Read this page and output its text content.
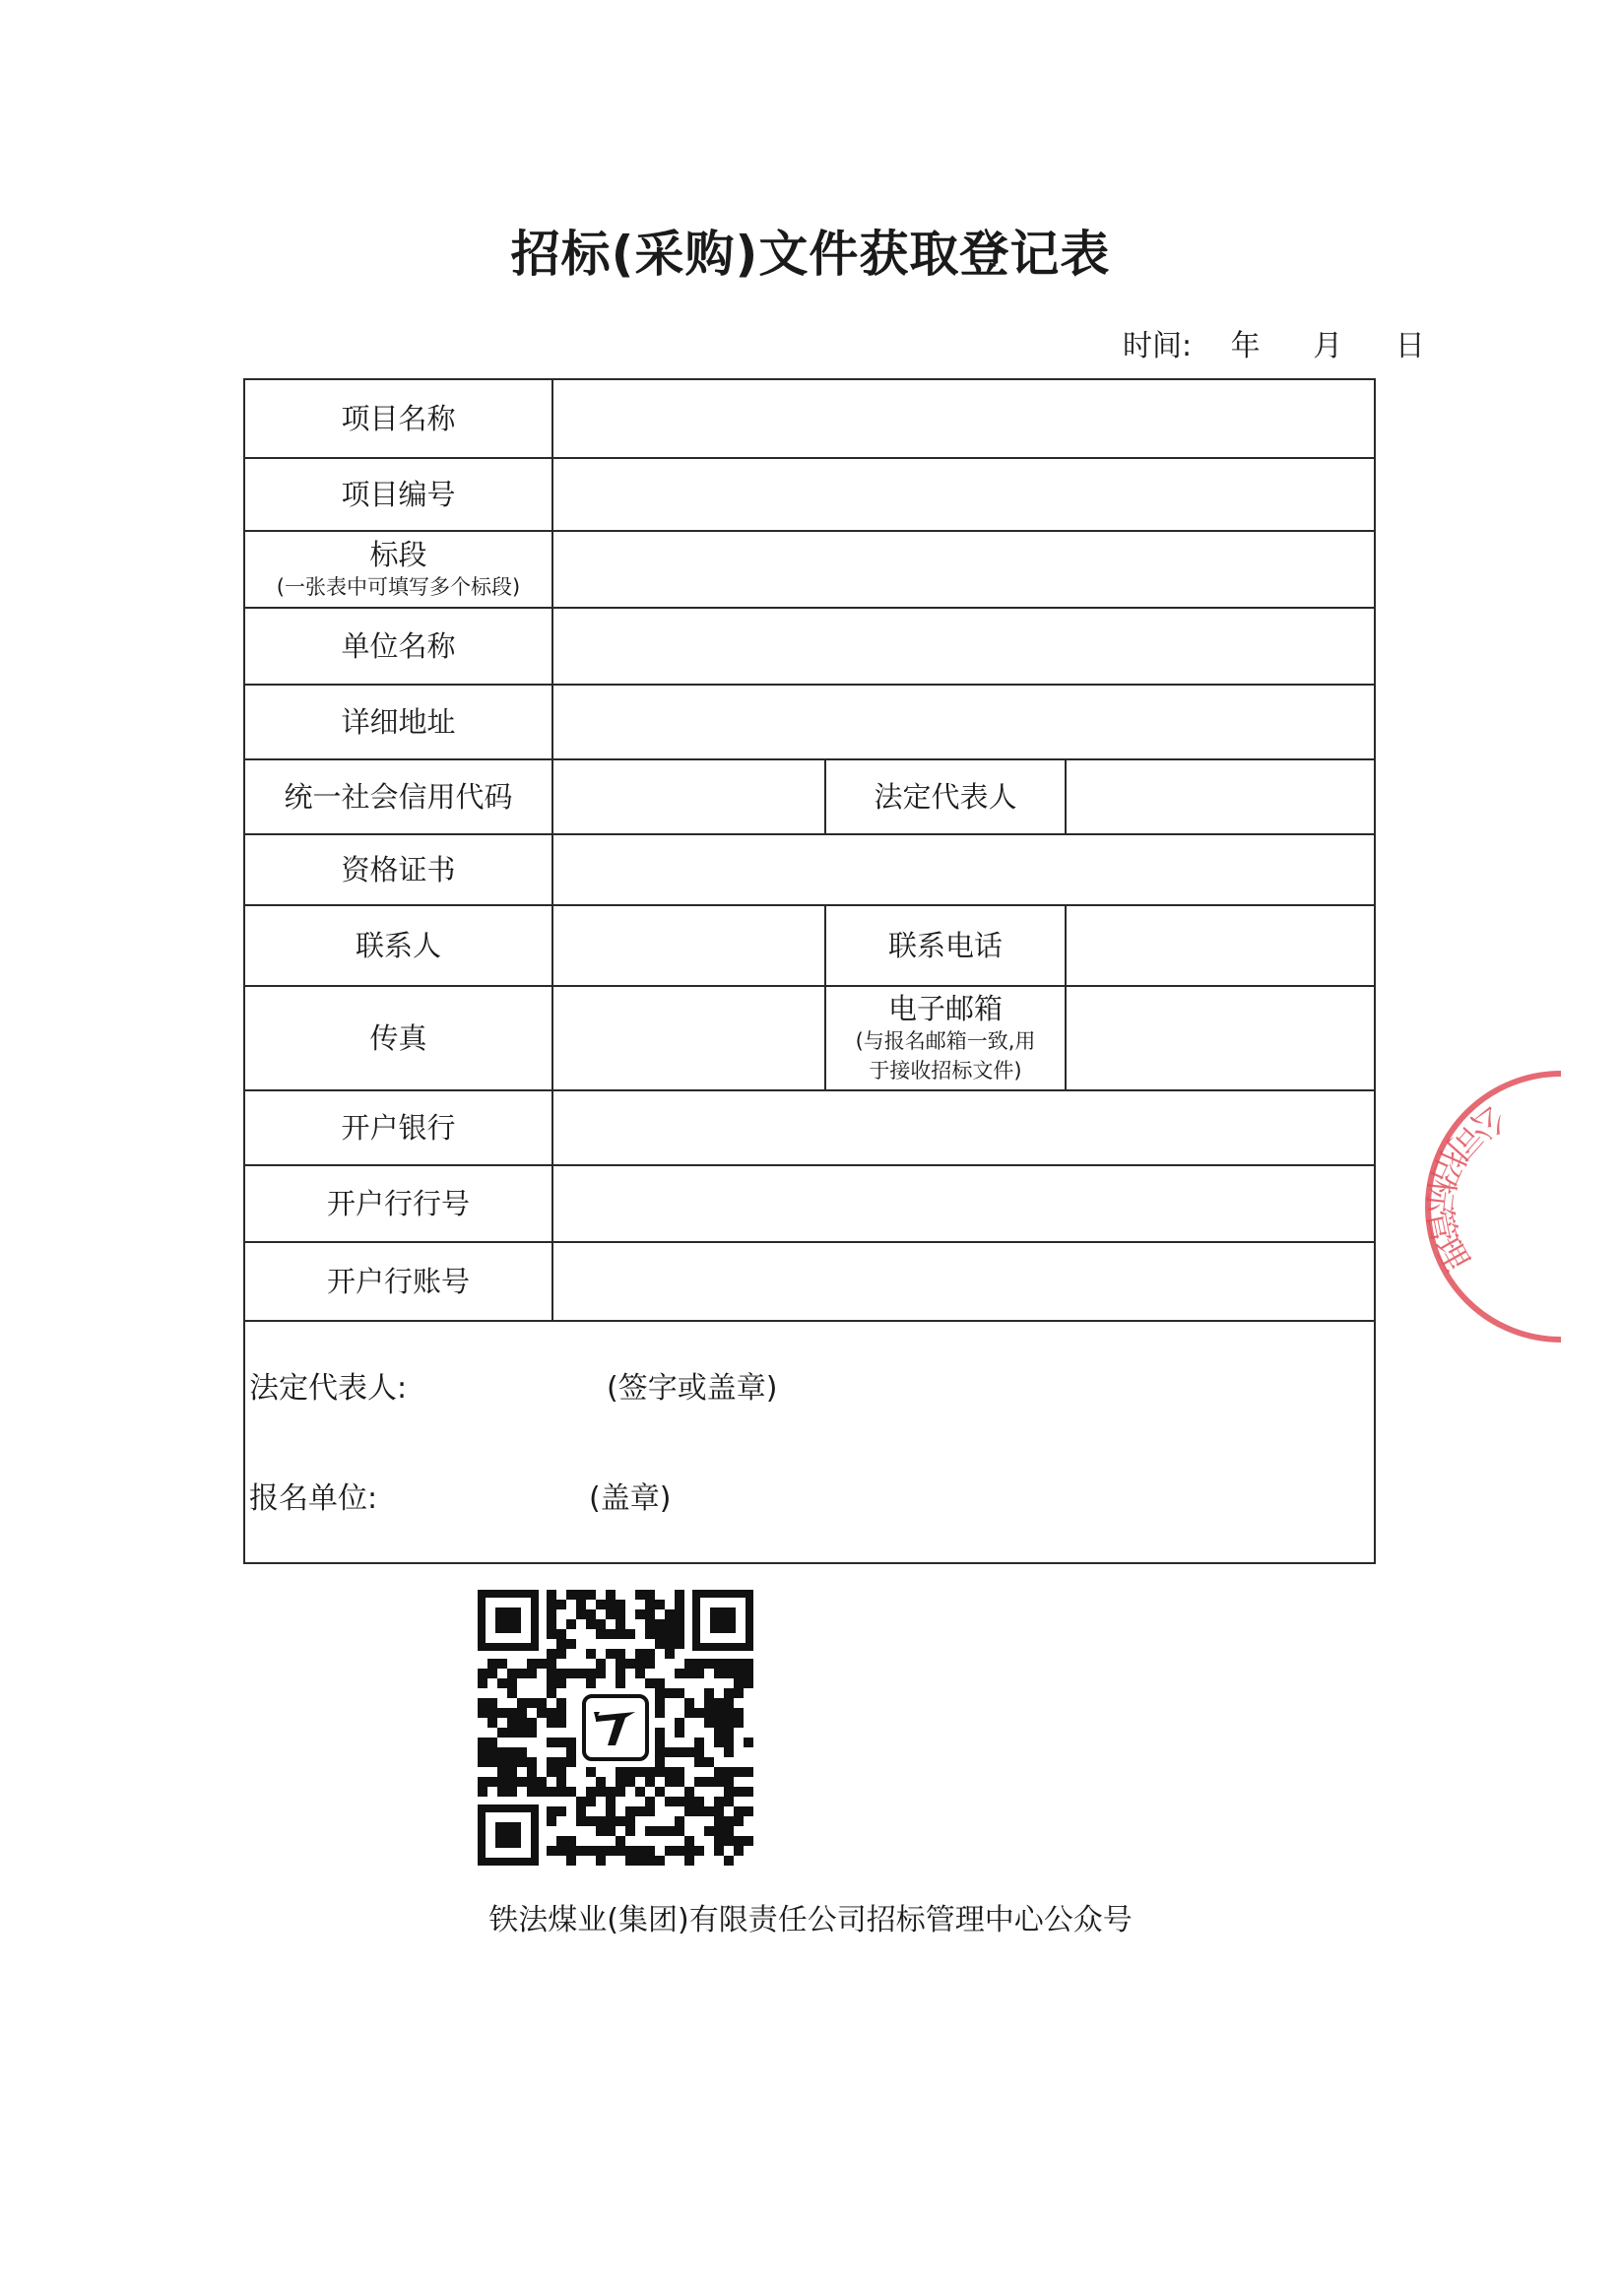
招标(采购)文件获取登记表
时间: 年 月 日
项目名称
项目编号
标段
(一张表中可填写多个标段)
单位名称
详细地址
统一社会信用代码	法定代表人
资格证书
联系人	联系电话
传真
电子邮箱
(与报名邮箱一致,用
于接收招标文件)
开户银行
开户行行号
开户行账号
法定代表人:	(签字或盖章)
报名单位:	(盖章)
公司招标管理
铁法煤业(集团)有限责任公司招标管理中心公众号
